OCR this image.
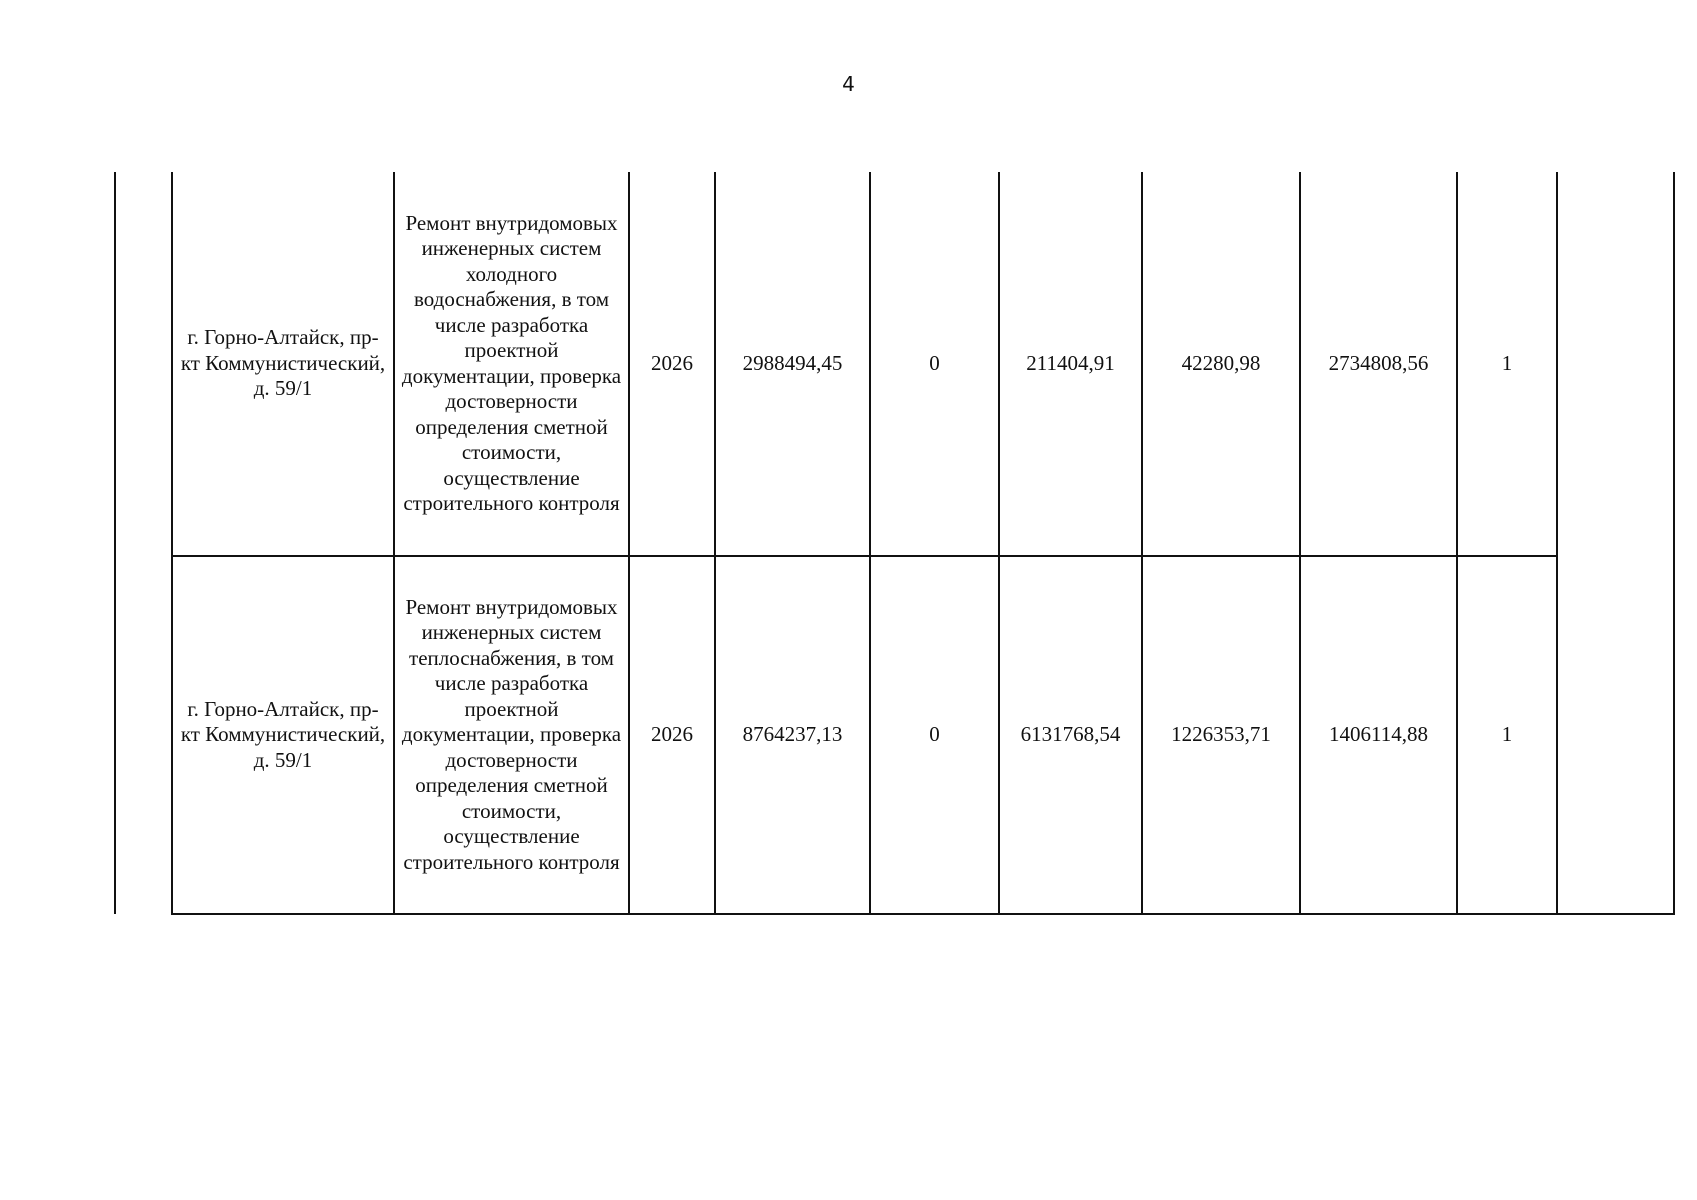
4
	г. Горно-Алтайск, пр-кт Коммунистический, д. 59/1	Ремонт внутридомовых инженерных систем холодного водоснабжения, в том числе разработка проектной документации, проверка достоверности определения сметной стоимости, осуществление строительного контроля	2026	2988494,45	0	211404,91	42280,98	2734808,56	1	
	г. Горно-Алтайск, пр-кт Коммунистический, д. 59/1	Ремонт внутридомовых инженерных систем теплоснабжения, в том числе разработка проектной документации, проверка достоверности определения сметной стоимости, осуществление строительного контроля	2026	8764237,13	0	6131768,54	1226353,71	1406114,88	1	
